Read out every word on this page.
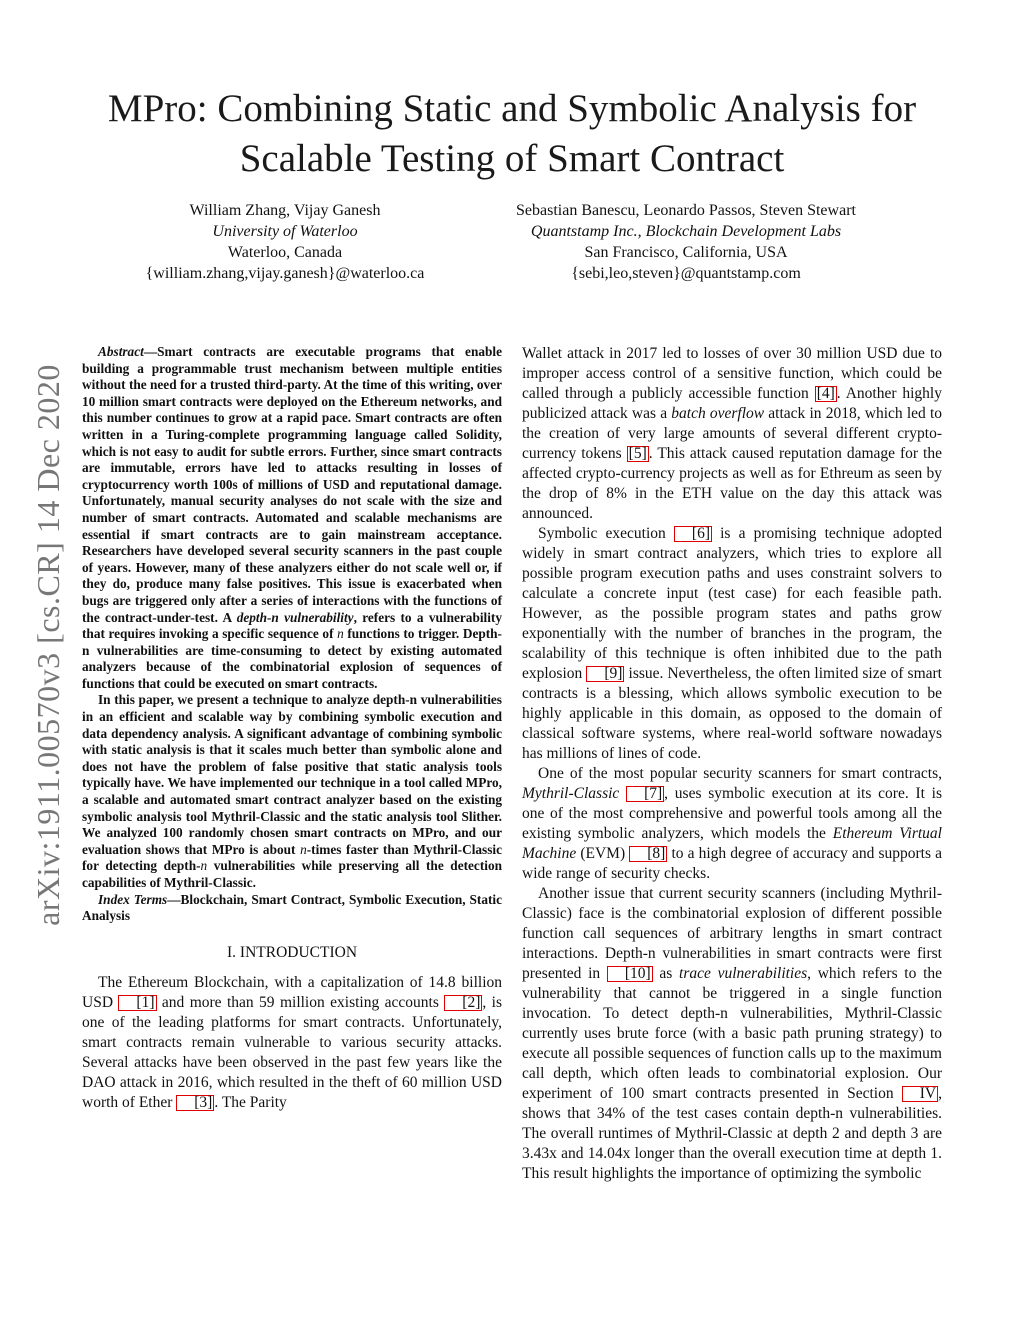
MPro: Combining Static and Symbolic Analysis for
Scalable Testing of Smart Contract
William Zhang, Vijay Ganesh
University of Waterloo
Waterloo, Canada
{william.zhang,vijay.ganesh}@waterloo.ca
Sebastian Banescu, Leonardo Passos, Steven Stewart
Quantstamp Inc., Blockchain Development Labs
San Francisco, California, USA
{sebi,leo,steven}@quantstamp.com
arXiv:1911.00570v3 [cs.CR] 14 Dec 2020

Abstract—Smart contracts are executable programs that enable building a programmable trust mechanism between multiple entities without the need for a trusted third-party. At the time of this writing, over 10 million smart contracts were deployed on the Ethereum networks, and this number continues to grow at a rapid pace. Smart contracts are often written in a Turing-complete programming language called Solidity, which is not easy to audit for subtle errors. Further, since smart contracts are immutable, errors have led to attacks resulting in losses of cryptocurrency worth 100s of millions of USD and reputational damage. Unfortunately, manual security analyses do not scale with the size and number of smart contracts. Automated and scalable mechanisms are essential if smart contracts are to gain mainstream acceptance. Researchers have developed several security scanners in the past couple of years. However, many of these analyzers either do not scale well or, if they do, produce many false positives. This issue is exacerbated when bugs are triggered only after a series of interactions with the functions of the contract-under-test. A depth-n vulnerability, refers to a vulnerability that requires invoking a specific sequence of n functions to trigger. Depth-n vulnerabilities are time-consuming to detect by existing automated analyzers because of the combinatorial explosion of sequences of functions that could be executed on smart contracts.

In this paper, we present a technique to analyze depth-n vulnerabilities in an efficient and scalable way by combining symbolic execution and data dependency analysis. A significant advantage of combining symbolic with static analysis is that it scales much better than symbolic alone and does not have the problem of false positive that static analysis tools typically have. We have implemented our technique in a tool called MPro, a scalable and automated smart contract analyzer based on the existing symbolic analysis tool Mythril-Classic and the static analysis tool Slither. We analyzed 100 randomly chosen smart contracts on MPro, and our evaluation shows that MPro is about n-times faster than Mythril-Classic for detecting depth-n vulnerabilities while preserving all the detection capabilities of Mythril-Classic.

Index Terms—Blockchain, Smart Contract, Symbolic Execution, Static Analysis

I. INTRODUCTION

The Ethereum Blockchain, with a capitalization of 14.8 billion USD [1] and more than 59 million existing accounts [2] , is one of the leading platforms for smart contracts. Unfortunately, smart contracts remain vulnerable to various security attacks. Several attacks have been observed in the past few years like the DAO attack in 2016, which resulted in the theft of 60 million USD worth of Ether [3] . The Parity

Wallet attack in 2017 led to losses of over 30 million USD due to improper access control of a sensitive function, which could be called through a publicly accessible function [4] . Another highly publicized attack was a batch overflow attack in 2018, which led to the creation of very large amounts of several different crypto-currency tokens [5] . This attack caused reputation damage for the affected crypto-currency projects as well as for Ethreum as seen by the drop of 8% in the ETH value on the day this attack was announced.

Symbolic execution [6] is a promising technique adopted widely in smart contract analyzers, which tries to explore all possible program execution paths and uses constraint solvers to calculate a concrete input (test case) for each feasible path. However, as the possible program states and paths grow exponentially with the number of branches in the program, the scalability of this technique is often inhibited due to the path explosion [9] issue. Nevertheless, the often limited size of smart contracts is a blessing, which allows symbolic execution to be highly applicable in this domain, as opposed to the domain of classical software systems, where real-world software nowadays has millions of lines of code.

One of the most popular security scanners for smart contracts, Mythril-Classic [7] , uses symbolic execution at its core. It is one of the most comprehensive and powerful tools among all the existing symbolic analyzers, which models the Ethereum Virtual Machine (EVM) [8] to a high degree of accuracy and supports a wide range of security checks.

Another issue that current security scanners (including Mythril-Classic) face is the combinatorial explosion of different possible function call sequences of arbitrary lengths in smart contract interactions. Depth-n vulnerabilities in smart contracts were first presented in [10] as trace vulnerabilities, which refers to the vulnerability that cannot be triggered in a single function invocation. To detect depth-n vulnerabilities, Mythril-Classic currently uses brute force (with a basic path pruning strategy) to execute all possible sequences of function calls up to the maximum call depth, which often leads to combinatorial explosion. Our experiment of 100 smart contracts presented in Section IV , shows that 34% of the test cases contain depth-n vulnerabilities. The overall runtimes of Mythril-Classic at depth 2 and depth 3 are 3.43x and 14.04x longer than the overall execution time at depth 1. This result highlights the importance of optimizing the symbolic
